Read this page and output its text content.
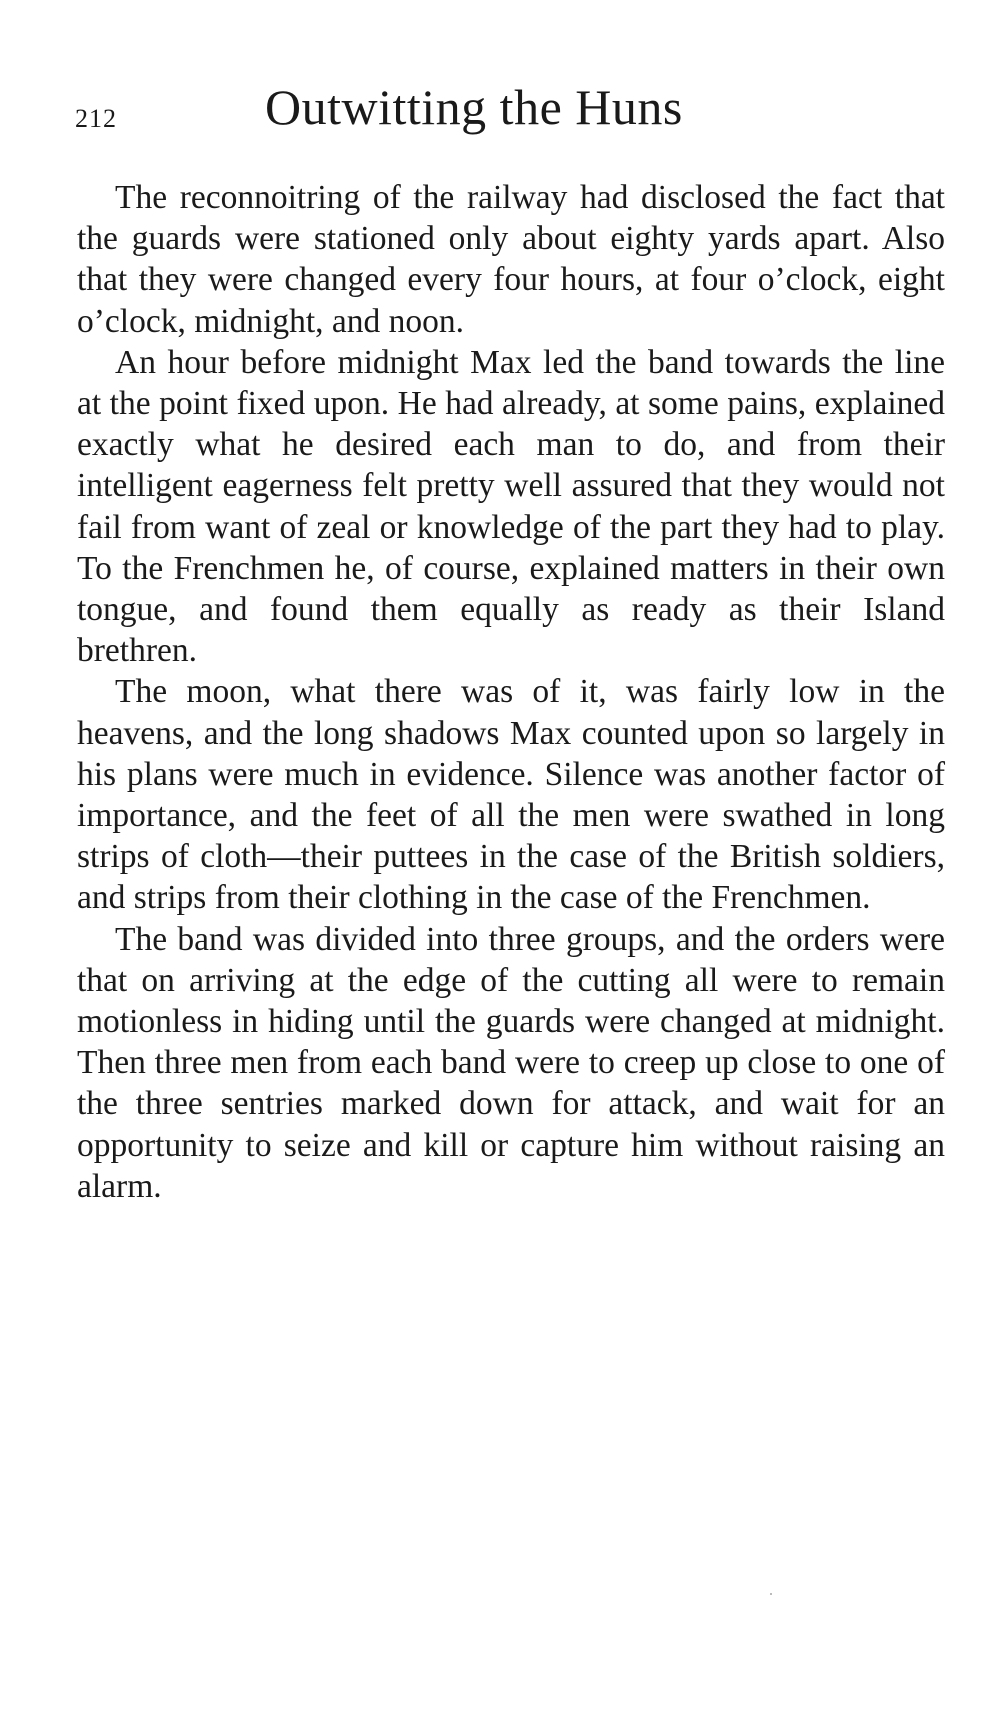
212	Outwitting the Huns

The reconnoitring of the railway had disclosed the fact that the guards were stationed only about eighty yards apart. Also that they were changed every four hours, at four o’clock, eight o’clock, midnight, and noon.

An hour before midnight Max led the band towards the line at the point fixed upon. He had already, at some pains, explained exactly what he desired each man to do, and from their intelligent eagerness felt pretty well assured that they would not fail from want of zeal or knowledge of the part they had to play. To the Frenchmen he, of course, explained matters in their own tongue, and found them equally as ready as their Island brethren.

The moon, what there was of it, was fairly low in the heavens, and the long shadows Max counted upon so largely in his plans were much in evidence. Silence was another factor of importance, and the feet of all the men were swathed in long strips of cloth—their puttees in the case of the British soldiers, and strips from their clothing in the case of the Frenchmen.

The band was divided into three groups, and the orders were that on arriving at the edge of the cutting all were to remain motionless in hiding until the guards were changed at midnight. Then three men from each band were to creep up close to one of the three sentries marked down for attack, and wait for an opportunity to seize and kill or capture him without raising an alarm.
